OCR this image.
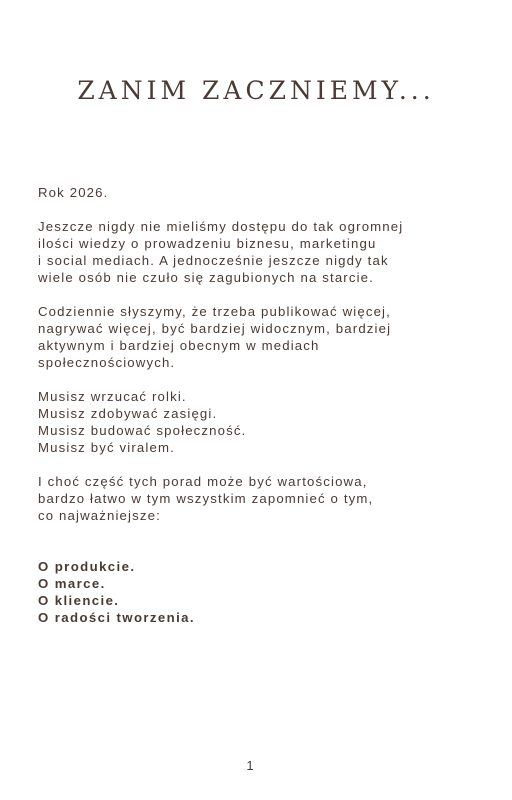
ZANIM ZACZNIEMY...
Rok 2026.
Jeszcze nigdy nie mieliśmy dostępu do tak ogromnej
ilości wiedzy o prowadzeniu biznesu, marketingu
i social mediach. A jednocześnie jeszcze nigdy tak
wiele osób nie czuło się zagubionych na starcie.
Codziennie słyszymy, że trzeba publikować więcej,
nagrywać więcej, być bardziej widocznym, bardziej
aktywnym i bardziej obecnym w mediach
społecznościowych.
Musisz wrzucać rolki.
Musisz zdobywać zasięgi.
Musisz budować społeczność.
Musisz być viralem.
I choć część tych porad może być wartościowa,
bardzo łatwo w tym wszystkim zapomnieć o tym,
co najważniejsze:
O produkcie.
O marce.
O kliencie.
O radości tworzenia.
1
